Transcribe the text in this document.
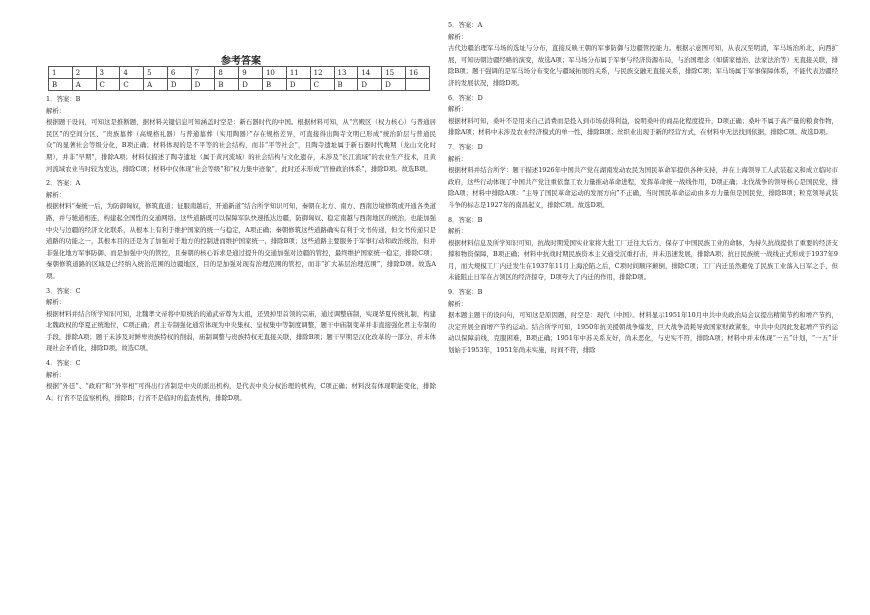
参考答案
1	2	3	4	5	6	7	8	9	10	11	12	13	14	15	16
B	A	C	C	A	D	D	B	D	B	D	C	B	D	D	
1．答案：B
解析：
根据题干设问，可知这是推断题，据材料关键信息可知涵盖时空是：新石器时代的中国。根据材料可知，从“宫殿区（权力核心）与普通居民区”的空间分区、“贵族墓葬（高规格礼器）与普通墓葬（实用陶器）”存在规格差异，可直接得出陶寺文明已形成“统治阶层与普通民众”的显著社会等级分化，B项正确；材料体现的是不平等的社会结构，而非“平等社会”，且陶寺遗址属于新石器时代晚期（龙山文化时期），并非“早期”，排除A项；材料仅描述了陶寺遗址（属于黄河流域）的社会结构与文化遗存，未涉及“长江流域”的农业生产技术，且黄河流域农业当时较为发达，排除C项；材料中仅体现“社会等级”和“权力集中迹象”，此时还未形成“官僚政治体系”，排除D项。故选B项。
2．答案：A
解析：
根据材料“秦统一后，为防御匈奴，修筑直道；征服南越后，开通新道”结合所学知识可知，秦朝在北方、南方、西南边境修筑或开通各类道路，并与驰道相连，构建起全国性的交通网络。这些道路既可以保障军队快速抵达边疆，防御匈奴、稳定南越与西南地区的统治，也能加强中央与边疆的经济文化联系，从根本上有利于维护国家的统一与稳定，A项正确；秦朝修筑这些道路确实有利于文书传递，但文书传递只是道路的功能之一，其根本目的还是为了加强对于地方的控制进而维护国家统一，排除B项；这些道路主要服务于军事行动和政治统治，但并非强化地方军事防御、而是加强中央的管控，且秦朝的核心诉求是通过提升的交通加强对边疆的管控，最终维护国家统一稳定，排除C项；秦朝修筑道路的区域是已经纳入统治范围的边疆地区，目的是加强对现有治理范围的管控，而非“扩大基层治理范围”，排除D项。故选A项。
3．答案：C
解析：
根据材料并结合所学知识可知，北魏孝文帝将中原统治的通武帝尊为太祖，还毁掉里首领的宗庙，通过调整庙制，实现华夏传统礼制，构建北魏政权的华夏正统地位，C项正确；君主专制强化通常体现为中央集权、皇权集中等制度调整，题干中庙制变革并非直接强化君主专制的手段，排除A项；题干未涉及对鲜卑贵族特权的削弱，庙制调整与贵族特权无直接关联，排除B项；题干早期是汉化改革的一部分，并未体现社会矛盾化，排除D项。故选C项。
4．答案：C
解析：
根据“外廷”、“政府”和“外宰相”可得出行省制是中央的派出机构，是代表中央分权治理的机构，C项正确；材料没有体现职能变化，排除A；行省不是监察机构，排除B；行省不是临时的监查机构，排除D项。
5．答案：A
解析：
古代边疆治理军马场的选址与分布，直接反映王朝的军事防御与边疆管控能力。根据示意图可知，从表汉至明清，军马场治所北、向西扩展，可知历朝边疆经略的演变，故选A项；军马场分布属于军事与经济资源布局，与治国理念（如儒家德治、法家法治等）无直接关联，排除B项；题干强调的是军马场分布变化与疆域拓展的关系，与民族交融无直接关系，排除C项；军马场属于军事保障体系，不能代表边疆经济的发展状况，排除D项。
6．答案：D
解析：
根据材料可知，桑叶不是用来自己消费而是投入到市场获得利益，说明桑叶的商品化程度提升，D项正确；桑叶不属于高产量的粮食作物，排除A项；材料中未涉及农业经济模式的单一性，排除B项；丝织业出现于新的经营方式，在材料中无法找到依据，排除C项。故选D项。
7．答案：D
解析：
根据材料并结合所学：题干描述1926年中国共产党在湖南发动农民为国民革命军提供各种支持，并在上海领导工人武装起义和成立临时市政府，这些行动体现了中国共产党注重依靠工农力量推动革命进程，发挥革命统一战线作用，D项正确；北伐战争的领导核心是国民党，排除A项；材料中排除A项：“主导了国民革命运动的发展方向”不正确，当时国民革命运动由多方力量但是国民党，排除B项；粒克领导武装斗争的标志是1927年的南昌起义，排除C项。故选D项。
8．答案：B
解析：
根据材料信息及所学知识可知，抗战时期爱国实业家将大批工厂迁往大后方，保存了中国民族工业的命脉，为持久抗战提供了重要的经济支撑和物资保障，B项正确；材料中抗战时期民族资本主义通受沉重打击，并未迅速发展，排除A项；抗日民族统一战线正式形成于1937年9月，而大规模工厂内迁发生在1937年11月上海沦陷之后，C项时间顺序颠倒，排除C项；工厂内迁虽然避免了民族工业落入日军之手，但未能阻止日军在占领区的经济掠夺，D项夸大了内迁的作用，排除D项。
9．答案：B
解析：
据本题主题干的设问句，可知这是原因题，时空是：现代（中国）。材料显示1951年10月中共中央政治局会议提出精简节约和增产节约，决定开展全面增产节约运动。结合所学可知，1950年抗美援朝战争爆发，巨大战争消耗导致国家财政紧张，中共中央因此发起增产节约运动以保障前线，克服困难，B项正确；1951年中苏关系友好，尚未恶化，与史实不符，排除A项；材料中并未体现“一五”计划，“一五”计划始于1953年，1951年尚未实施，时间不符，排除
